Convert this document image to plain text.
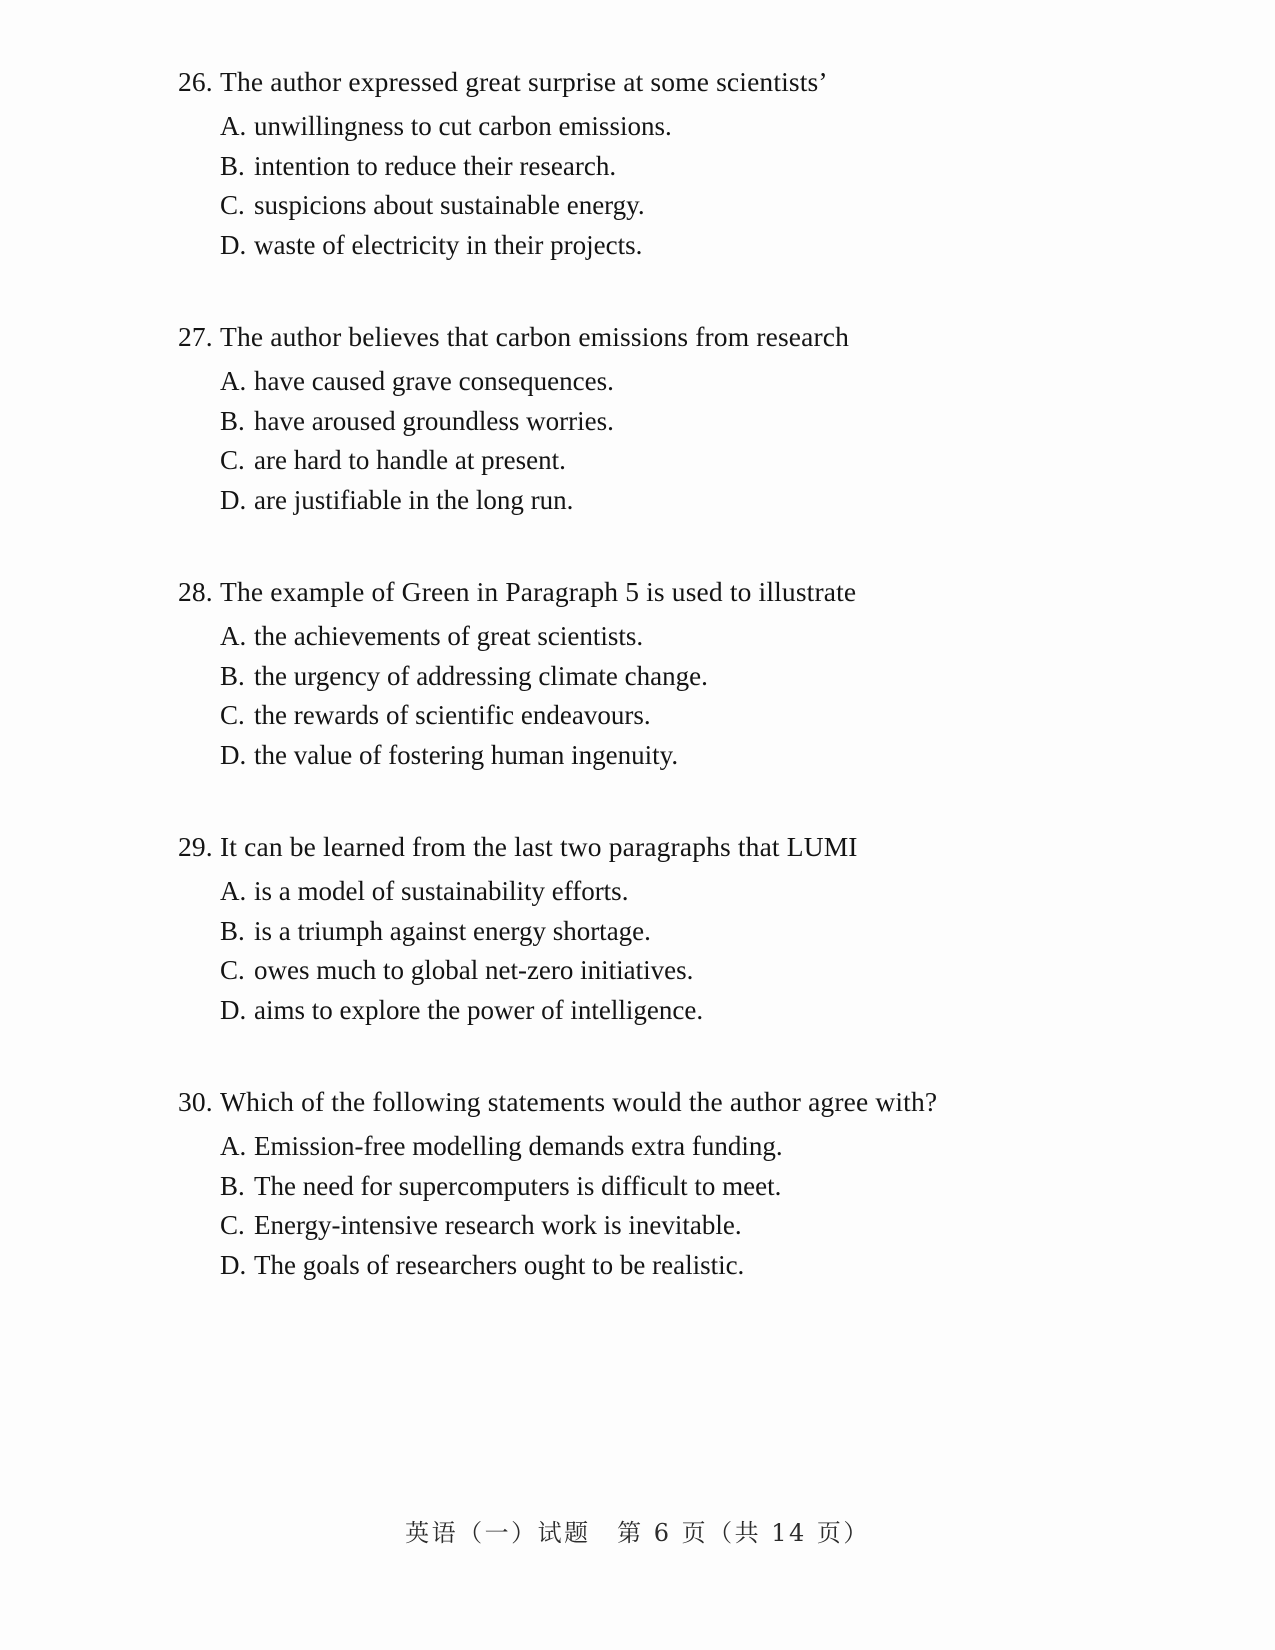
26. The author expressed great surprise at some scientists’
A. unwillingness to cut carbon emissions.
B. intention to reduce their research.
C. suspicions about sustainable energy.
D. waste of electricity in their projects.
27. The author believes that carbon emissions from research
A. have caused grave consequences.
B. have aroused groundless worries.
C. are hard to handle at present.
D. are justifiable in the long run.
28. The example of Green in Paragraph 5 is used to illustrate
A. the achievements of great scientists.
B. the urgency of addressing climate change.
C. the rewards of scientific endeavours.
D. the value of fostering human ingenuity.
29. It can be learned from the last two paragraphs that LUMI
A. is a model of sustainability efforts.
B. is a triumph against energy shortage.
C. owes much to global net-zero initiatives.
D. aims to explore the power of intelligence.
30. Which of the following statements would the author agree with?
A. Emission-free modelling demands extra funding.
B. The need for supercomputers is difficult to meet.
C. Energy-intensive research work is inevitable.
D. The goals of researchers ought to be realistic.
英语（一）试题　第 6 页（共 14 页）
